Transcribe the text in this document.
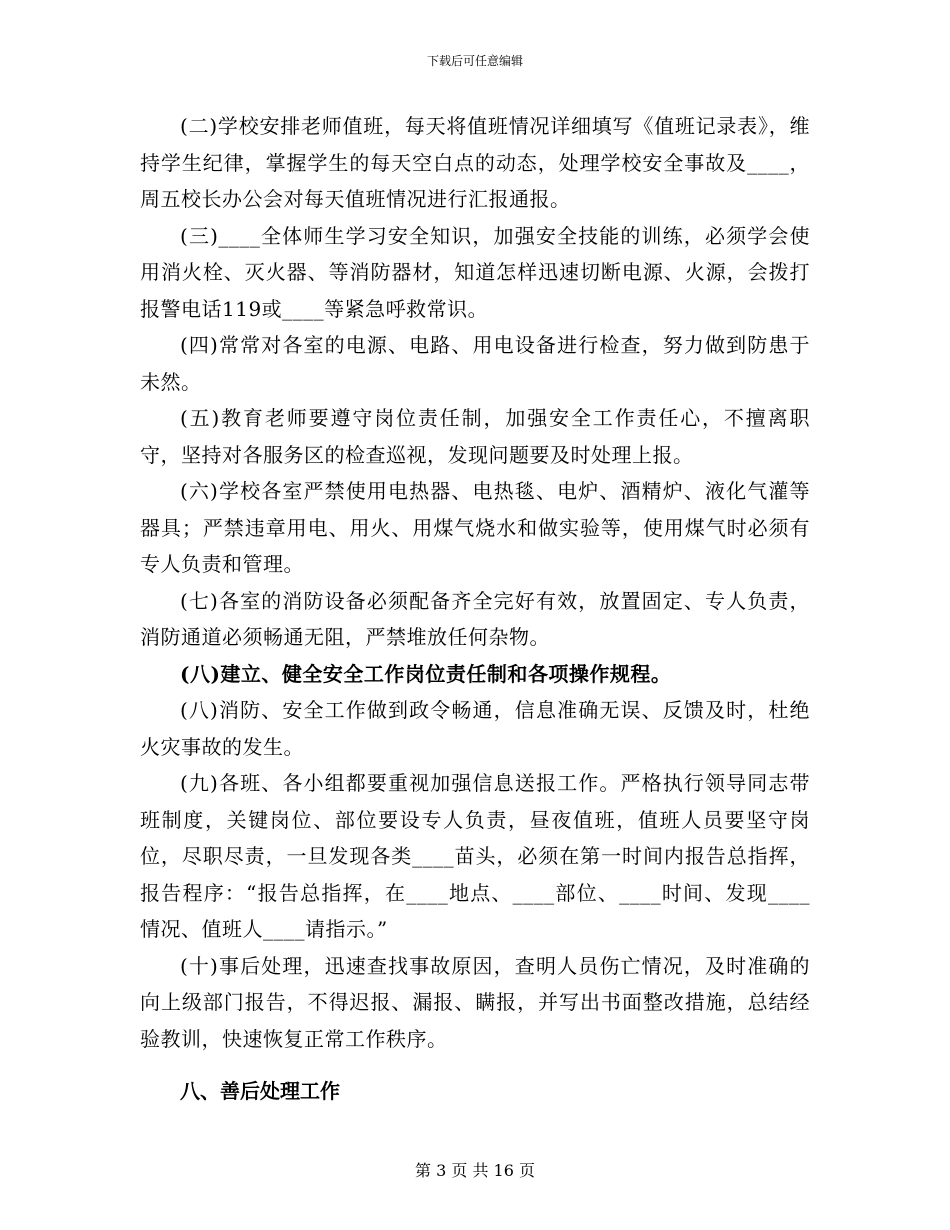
下载后可任意编辑

(二)学校安排老师值班，每天将值班情况详细填写《值班记录表》，维持学生纪律，掌握学生的每天空白点的动态，处理学校安全事故及____，周五校长办公会对每天值班情况进行汇报通报。

(三)____全体师生学习安全知识，加强安全技能的训练，必须学会使用消火栓、灭火器、等消防器材，知道怎样迅速切断电源、火源，会拨打报警电话119或____等紧急呼救常识。

(四)常常对各室的电源、电路、用电设备进行检查，努力做到防患于未然。

(五)教育老师要遵守岗位责任制，加强安全工作责任心，不擅离职守，坚持对各服务区的检查巡视，发现问题要及时处理上报。

(六)学校各室严禁使用电热器、电热毯、电炉、酒精炉、液化气灌等器具；严禁违章用电、用火、用煤气烧水和做实验等，使用煤气时必须有专人负责和管理。

(七)各室的消防设备必须配备齐全完好有效，放置固定、专人负责，消防通道必须畅通无阻，严禁堆放任何杂物。

(八)建立、健全安全工作岗位责任制和各项操作规程。

(八)消防、安全工作做到政令畅通，信息准确无误、反馈及时，杜绝火灾事故的发生。

(九)各班、各小组都要重视加强信息送报工作。严格执行领导同志带班制度，关键岗位、部位要设专人负责，昼夜值班，值班人员要坚守岗位，尽职尽责，一旦发现各类____苗头，必须在第一时间内报告总指挥，报告程序：“报告总指挥，在____地点、____部位、____时间、发现____情况、值班人____请指示。”

(十)事后处理，迅速查找事故原因，查明人员伤亡情况，及时准确的向上级部门报告，不得迟报、漏报、瞒报，并写出书面整改措施，总结经验教训，快速恢复正常工作秩序。

八、善后处理工作

第 3 页 共 16 页
